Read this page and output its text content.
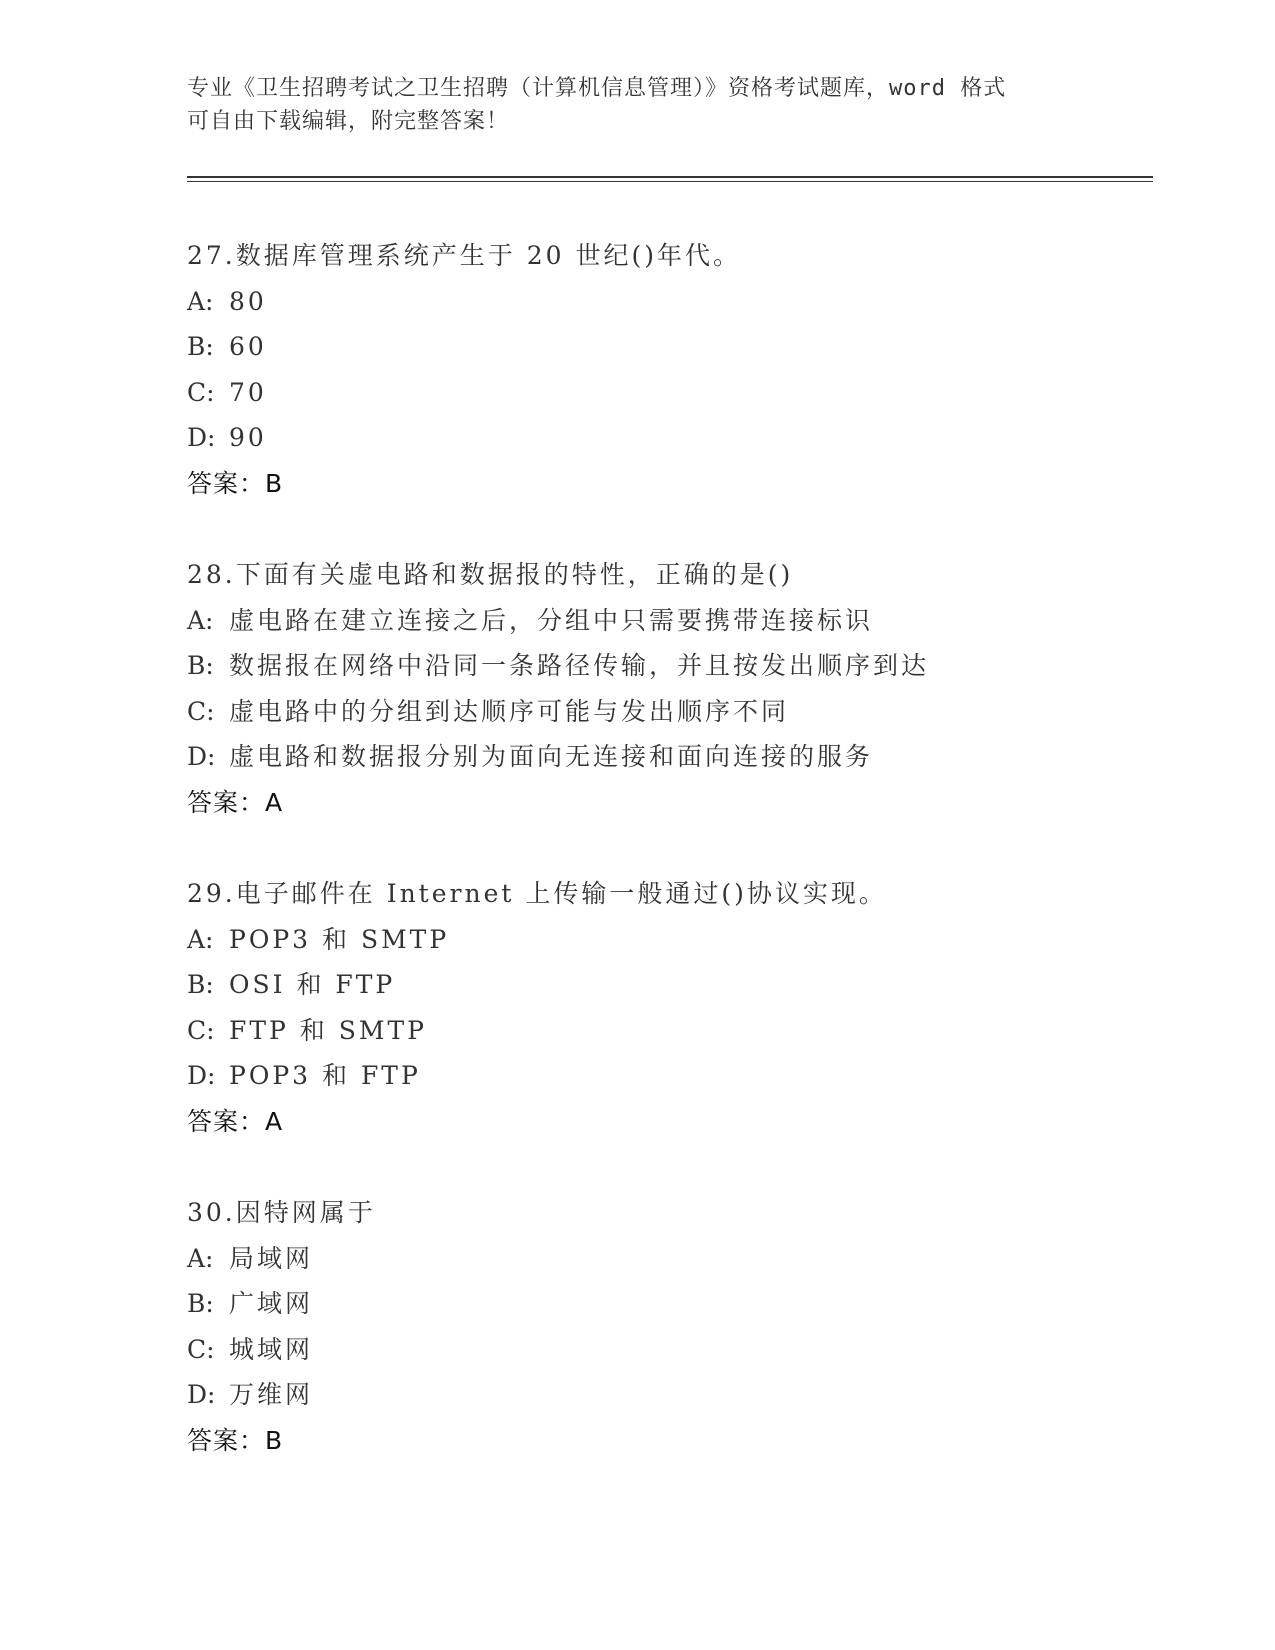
专业《卫生招聘考试之卫生招聘（计算机信息管理）》资格考试题库，word 格式
可自由下载编辑，附完整答案！
27.数据库管理系统产生于 20 世纪()年代。
A: 80
B: 60
C: 70
D: 90
答案：B
28.下面有关虚电路和数据报的特性，正确的是()
A: 虚电路在建立连接之后，分组中只需要携带连接标识
B: 数据报在网络中沿同一条路径传输，并且按发出顺序到达
C: 虚电路中的分组到达顺序可能与发出顺序不同
D: 虚电路和数据报分别为面向无连接和面向连接的服务
答案：A
29.电子邮件在 Internet 上传输一般通过()协议实现。
A: POP3 和 SMTP
B: OSI 和 FTP
C: FTP 和 SMTP
D: POP3 和 FTP
答案：A
30.因特网属于
A: 局域网
B: 广域网
C: 城域网
D: 万维网
答案：B
